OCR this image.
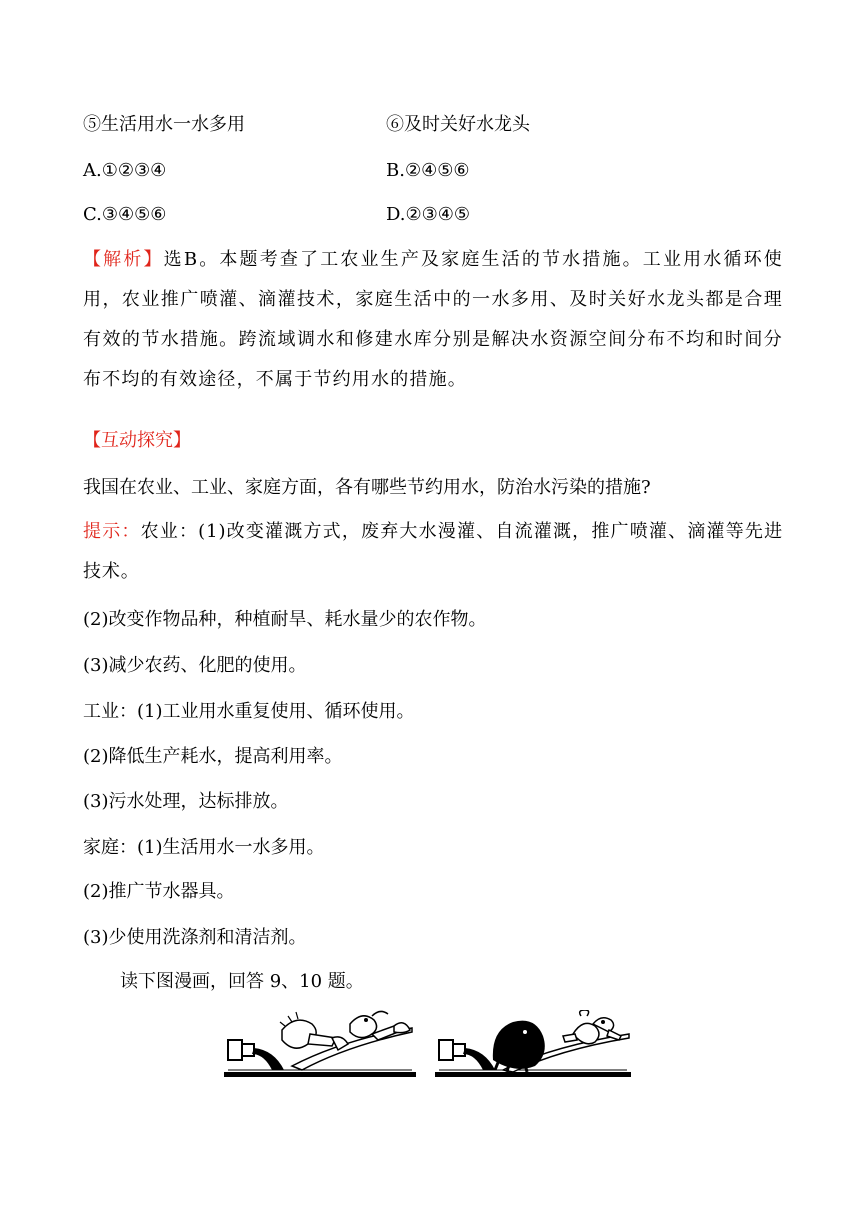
⑤生活用水一水多用	⑥及时关好水龙头
A.①②③④	B.②④⑤⑥
C.③④⑤⑥	D.②③④⑤
【解析】选B。本题考查了工农业生产及家庭生活的节水措施。工业用水循环使用，农业推广喷灌、滴灌技术，家庭生活中的一水多用、及时关好水龙头都是合理有效的节水措施。跨流域调水和修建水库分别是解决水资源空间分布不均和时间分布不均的有效途径，不属于节约用水的措施。
【互动探究】
我国在农业、工业、家庭方面，各有哪些节约用水，防治水污染的措施?
提示：农业：(1)改变灌溉方式，废弃大水漫灌、自流灌溉，推广喷灌、滴灌等先进技术。
(2)改变作物品种，种植耐旱、耗水量少的农作物。
(3)减少农药、化肥的使用。
工业：(1)工业用水重复使用、循环使用。
(2)降低生产耗水，提高利用率。
(3)污水处理，达标排放。
家庭：(1)生活用水一水多用。
(2)推广节水器具。
(3)少使用洗涤剂和清洁剂。
读下图漫画，回答 9、10 题。
